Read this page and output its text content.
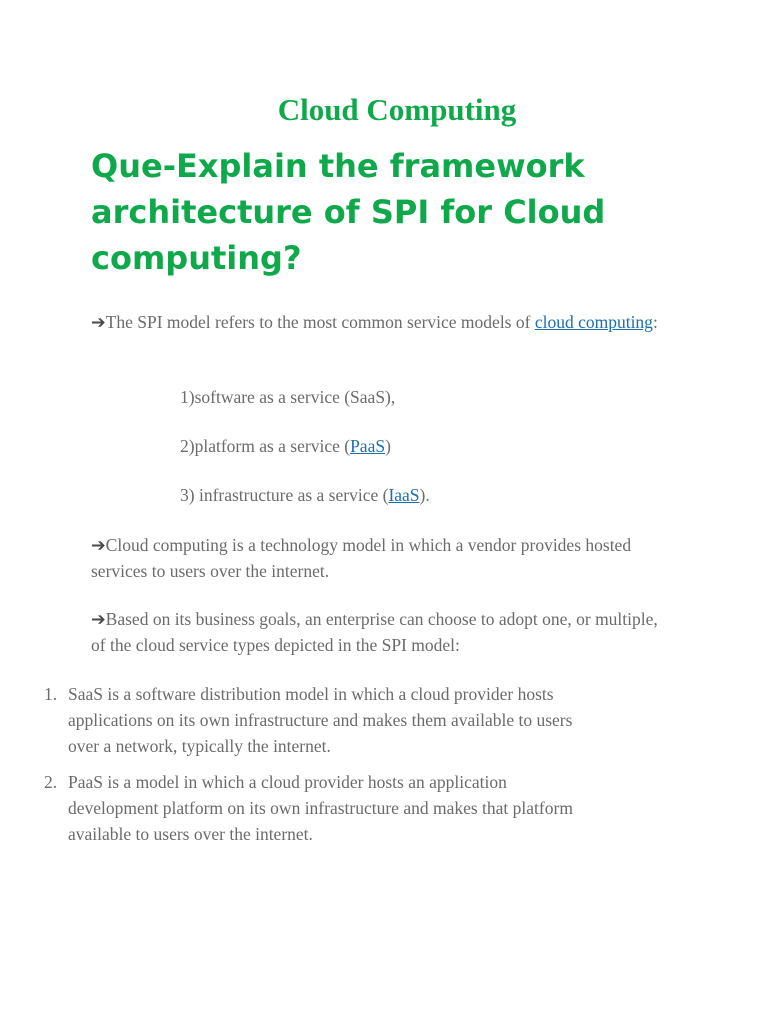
Cloud Computing
Que-Explain the framework architecture of SPI for Cloud computing?

➔The SPI model refers to the most common service models of cloud computing:

1)software as a service (SaaS),

2)platform as a service (PaaS)

3) infrastructure as a service (IaaS).

➔Cloud computing is a technology model in which a vendor provides hosted services to users over the internet.

➔Based on its business goals, an enterprise can choose to adopt one, or multiple, of the cloud service types depicted in the SPI model:

1. SaaS is a software distribution model in which a cloud provider hosts applications on its own infrastructure and makes them available to users over a network, typically the internet.
2. PaaS is a model in which a cloud provider hosts an application development platform on its own infrastructure and makes that platform available to users over the internet.
